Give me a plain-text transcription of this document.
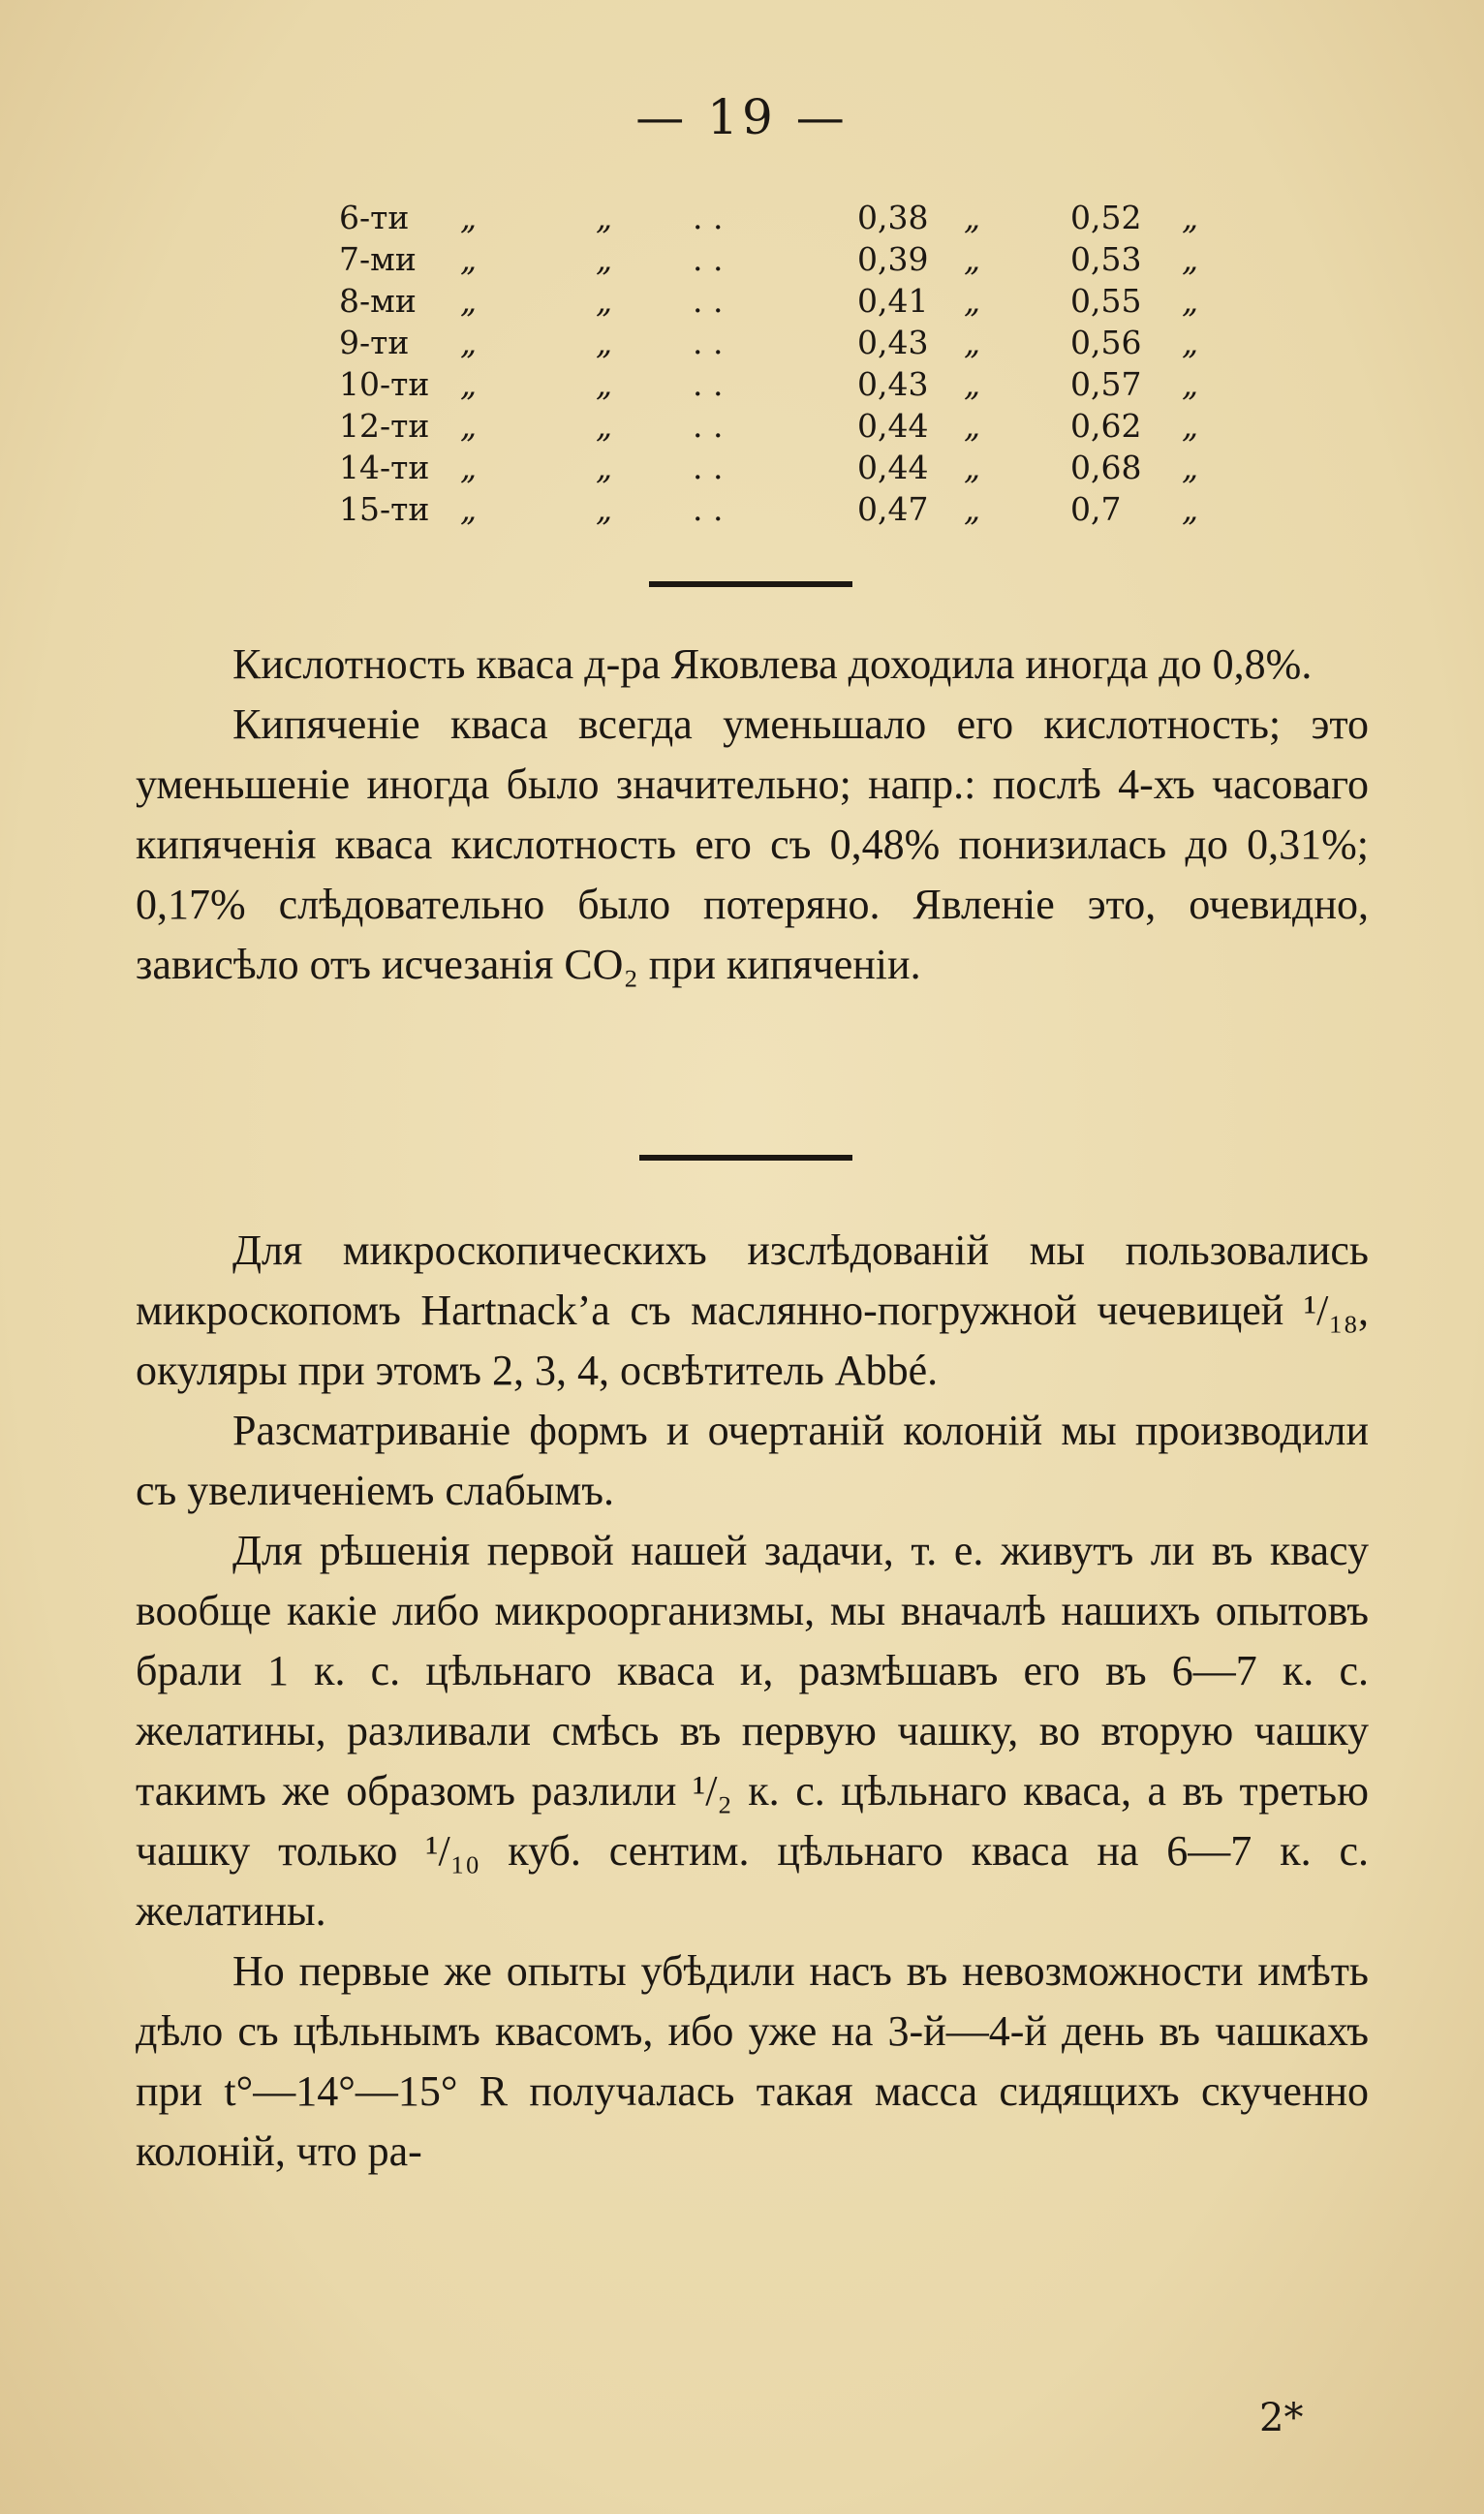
— 19 —
6-ти „	„	. .	0,38 „	0,52 „
7-ми „	„	. .	0,39 „	0,53 „
8-ми „	„	. .	0,41 „	0,55 „
9-ти „	„	. .	0,43 „	0,56 „
10-ти „	„	. .	0,43 „	0,57 „
12-ти „	„	. .	0,44 „	0,62 „
14-ти „	„	. .	0,44 „	0,68 „
15-ти „	„	. .	0,47 „	0,7 „

Кислотность кваса д-ра Яковлева доходила иногда до 0,8%.

Кипяченіе кваса всегда уменьшало его кислотность; это уменьшеніе иногда было значительно; напр.: послѣ 4-хъ часоваго кипяченія кваса кислотность его съ 0,48% понизилась до 0,31%; 0,17% слѣдовательно было потеряно. Явленіе это, очевидно, зависѣло отъ исчезанія CO₂ при кипяченіи.

Для микроскопическихъ изслѣдованій мы пользовались микроскопомъ Hartnack’а съ маслянно-погружной чечевицей ¹/₁₈, окуляры при этомъ 2, 3, 4, освѣтитель Abbé.

Разсматриваніе формъ и очертаній колоній мы производили съ увеличеніемъ слабымъ.

Для рѣшенія первой нашей задачи, т. е. живутъ ли въ квасу вообще какіе либо микроорганизмы, мы вначалѣ нашихъ опытовъ брали 1 к. с. цѣльнаго кваса и, размѣшавъ его въ 6—7 к. с. желатины, разливали смѣсь въ первую чашку, во вторую чашку такимъ же образомъ разлили ¹/₂ к. с. цѣльнаго кваса, а въ третью чашку только ¹/₁₀ куб. сентим. цѣльнаго кваса на 6—7 к. с. желатины.

Но первые же опыты убѣдили насъ въ невозможности имѣть дѣло съ цѣльнымъ квасомъ, ибо уже на 3-й—4-й день въ чашкахъ при t°—14°—15° R получалась такая масса сидящихъ скученно колоній, что ра-

2*
